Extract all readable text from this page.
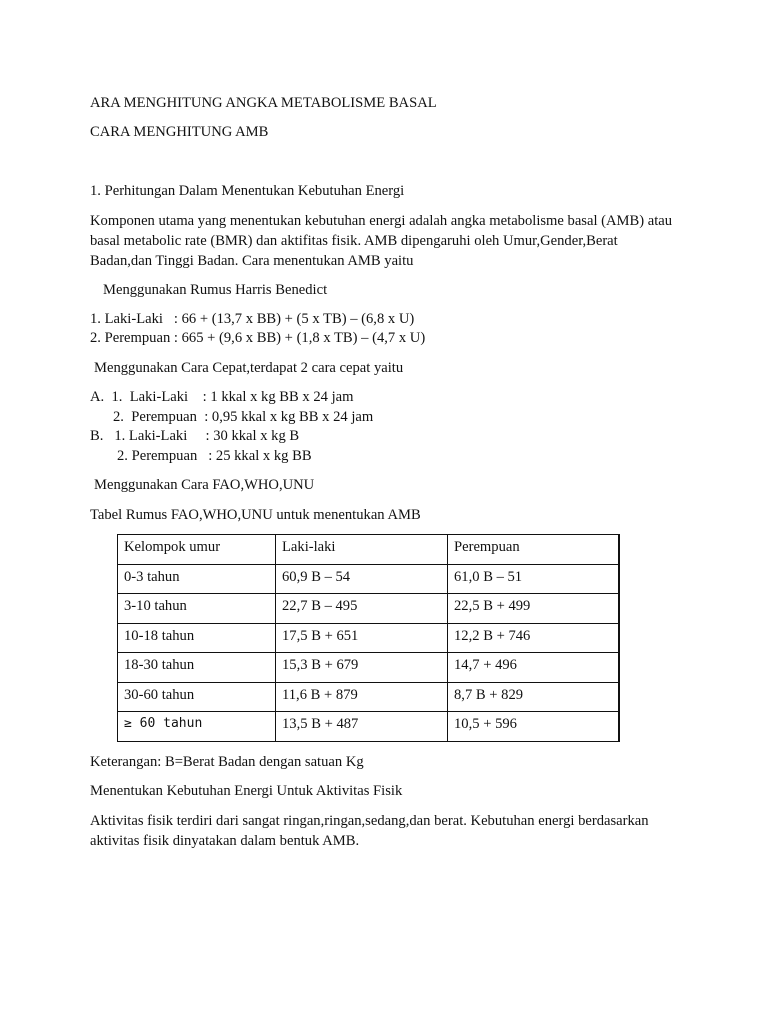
ARA MENGHITUNG ANGKA METABOLISME BASAL
CARA MENGHITUNG AMB
1. Perhitungan Dalam Menentukan Kebutuhan Energi
Komponen utama yang menentukan kebutuhan energi adalah angka metabolisme basal (AMB) atau basal metabolic rate (BMR) dan aktifitas fisik. AMB dipengaruhi oleh Umur,Gender,Berat Badan,dan Tinggi Badan. Cara menentukan AMB yaitu
Menggunakan Rumus Harris Benedict
1. Laki-Laki   : 66 + (13,7 x BB) + (5 x TB) – (6,8 x U)
2. Perempuan : 665 + (9,6 x BB) + (1,8 x TB) – (4,7 x U)
Menggunakan Cara Cepat,terdapat 2 cara cepat yaitu
A.  1.  Laki-Laki    : 1 kkal x kg BB x 24 jam
2.  Perempuan  : 0,95 kkal x kg BB x 24 jam
B.   1. Laki-Laki     : 30 kkal x kg B
2. Perempuan   : 25 kkal x kg BB
Menggunakan Cara FAO,WHO,UNU
Tabel Rumus FAO,WHO,UNU untuk menentukan AMB
Kelompok umur	Laki-laki	Perempuan
0-3 tahun	60,9 B – 54	61,0 B – 51
3-10 tahun	22,7 B – 495	22,5 B + 499
10-18 tahun	17,5 B + 651	12,2 B + 746
18-30 tahun	15,3 B + 679	14,7 + 496
30-60 tahun	11,6 B + 879	8,7 B + 829
≥ 60 tahun	13,5 B + 487	10,5 + 596
Keterangan: B=Berat Badan dengan satuan Kg
Menentukan Kebutuhan Energi Untuk Aktivitas Fisik
Aktivitas fisik terdiri dari sangat ringan,ringan,sedang,dan berat. Kebutuhan energi berdasarkan aktivitas fisik dinyatakan dalam bentuk AMB.
